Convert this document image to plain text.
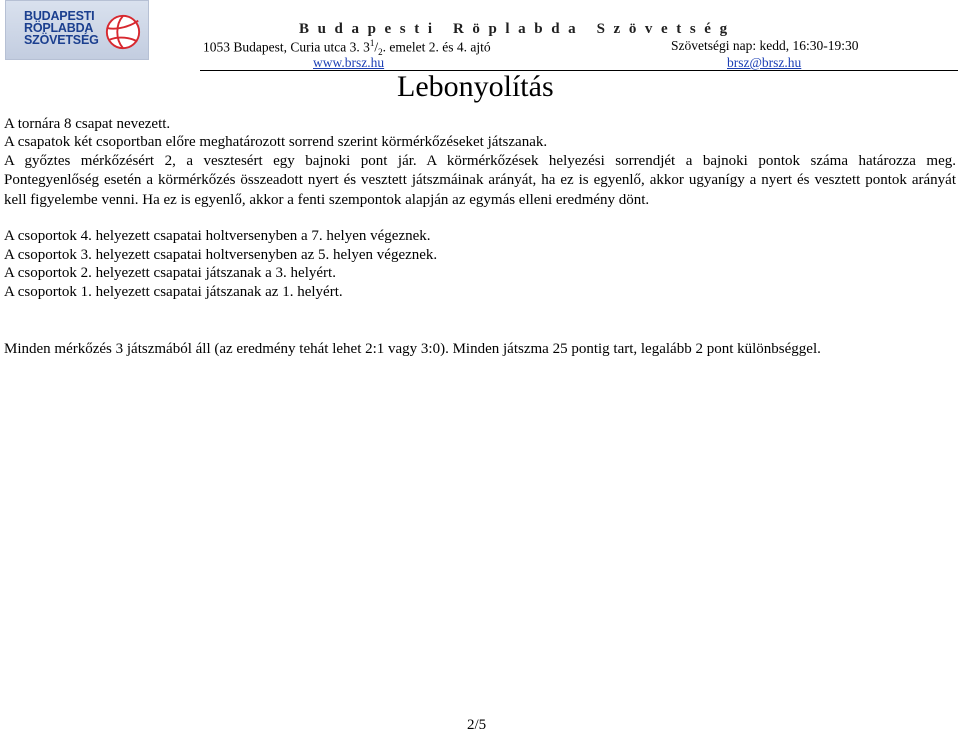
BUDAPESTI
RÖPLABDA
SZÖVETSÉG
Budapesti Röplabda Szövetség
1053 Budapest, Curia utca 3. $3^1/_2$. emelet 2. és 4. ajtó	Szövetségi nap: kedd, 16:30-19:30
www.brsz.hu	brsz@brsz.hu
Lebonyolítás
A tornára 8 csapat nevezett.
A csapatok két csoportban előre meghatározott sorrend szerint körmérkőzéseket játszanak.
A győztes mérkőzésért 2, a vesztesért egy bajnoki pont jár. A körmérkőzések helyezési sorrendjét a bajnoki pontok száma határozza meg.
Pontegyenlőség esetén a körmérkőzés összeadott nyert és vesztett játszmáinak arányát, ha ez is egyenlő, akkor ugyanígy a nyert és vesztett pontok arányát kell figyelembe venni. Ha ez is egyenlő, akkor a fenti szempontok alapján az egymás elleni eredmény dönt.
A csoportok 4. helyezett csapatai holtversenyben a 7. helyen végeznek.
A csoportok 3. helyezett csapatai holtversenyben az 5. helyen végeznek.
A csoportok 2. helyezett csapatai játszanak a 3. helyért.
A csoportok 1. helyezett csapatai játszanak az 1. helyért.
Minden mérkőzés 3 játszmából áll (az eredmény tehát lehet 2:1 vagy 3:0). Minden játszma 25 pontig tart, legalább 2 pont különbséggel.
2/5
